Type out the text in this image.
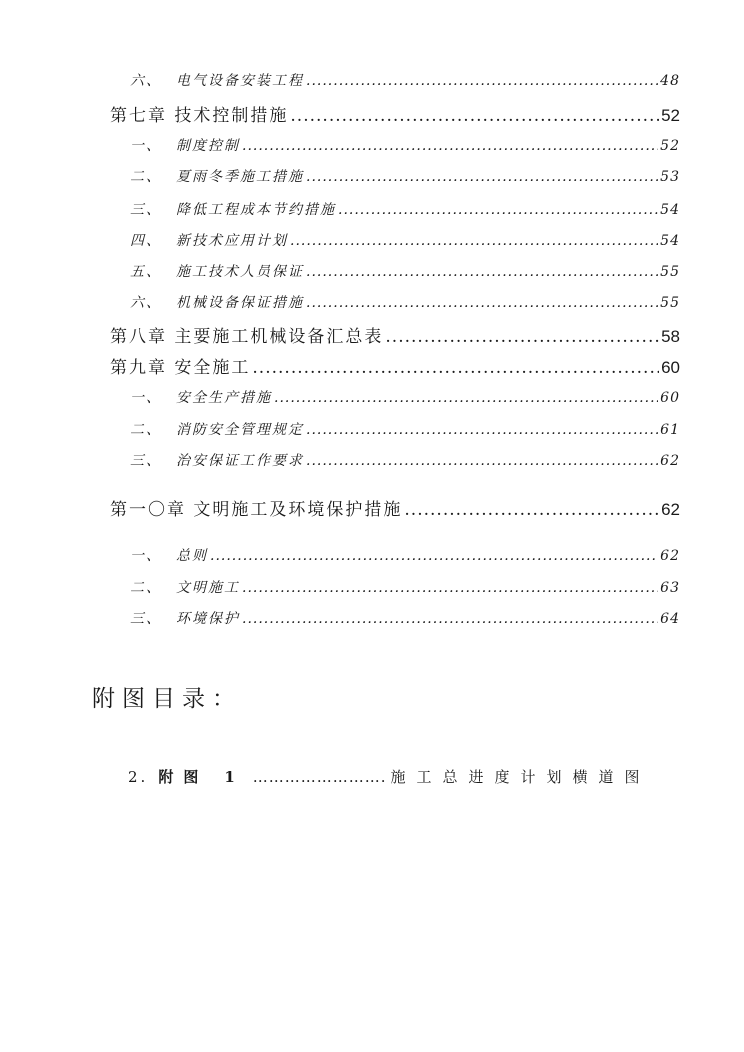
六、	电气设备安装工程 .....	48
第七章 技术控制措施 .....	52
一、	制度控制 .....	52
二、	夏雨冬季施工措施 .....	53
三、	降低工程成本节约措施 .....	54
四、	新技术应用计划 .....	54
五、	施工技术人员保证 .....	55
六、	机械设备保证措施 .....	55
第八章 主要施工机械设备汇总表 .....	58
第九章 安全施工 .....	60
一、	安全生产措施 .....	60
二、	消防安全管理规定 .....	61
三、	治安保证工作要求 .....	62
第一〇章 文明施工及环境保护措施 .....	62
一、	总则 .....	62
二、	文明施工 .....	63
三、	环境保护 .....	64
附图目录：
2. 附图 1 ……………………. 施工总进度计划横道图
